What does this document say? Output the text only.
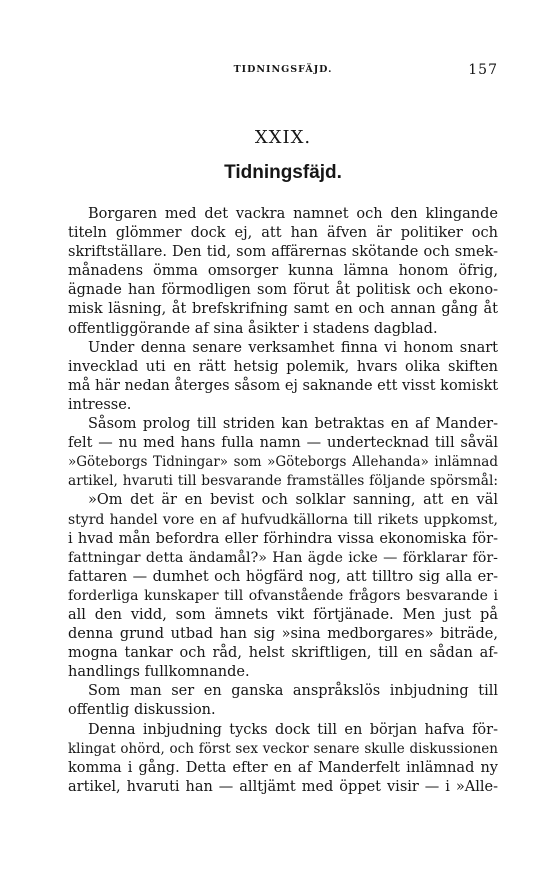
TIDNINGSFÄJD.	157
XXIX.
Tidningsfäjd.
Borgaren med det vackra namnet och den klingande
titeln glömmer dock ej, att han äfven är politiker och
skriftställare. Den tid, som affärernas skötande och smek-
månadens ömma omsorger kunna lämna honom öfrig,
ägnade han förmodligen som förut åt politisk och ekono-
misk läsning, åt brefskrifning samt en och annan gång åt
offentliggörande af sina åsikter i stadens dagblad.
Under denna senare verksamhet finna vi honom snart
invecklad uti en rätt hetsig polemik, hvars olika skiften
må här nedan återges såsom ej saknande ett visst komiskt
intresse.
Såsom prolog till striden kan betraktas en af Mander-
felt — nu med hans fulla namn — undertecknad till såväl
»Göteborgs Tidningar» som »Göteborgs Allehanda» inlämnad
artikel, hvaruti till besvarande framställes följande spörsmål:
»Om det är en bevist och solklar sanning, att en väl
styrd handel vore en af hufvudkällorna till rikets uppkomst,
i hvad mån befordra eller förhindra vissa ekonomiska för-
fattningar detta ändamål?» Han ägde icke — förklarar för-
fattaren — dumhet och högfärd nog, att tilltro sig alla er-
forderliga kunskaper till ofvanstående frågors besvarande i
all den vidd, som ämnets vikt förtjänade. Men just på
denna grund utbad han sig »sina medborgares» biträde,
mogna tankar och råd, helst skriftligen, till en sådan af-
handlings fullkomnande.
Som man ser en ganska anspråkslös inbjudning till
offentlig diskussion.
Denna inbjudning tycks dock till en början hafva för-
klingat ohörd, och först sex veckor senare skulle diskussionen
komma i gång. Detta efter en af Manderfelt inlämnad ny
artikel, hvaruti han — alltjämt med öppet visir — i »Alle-
